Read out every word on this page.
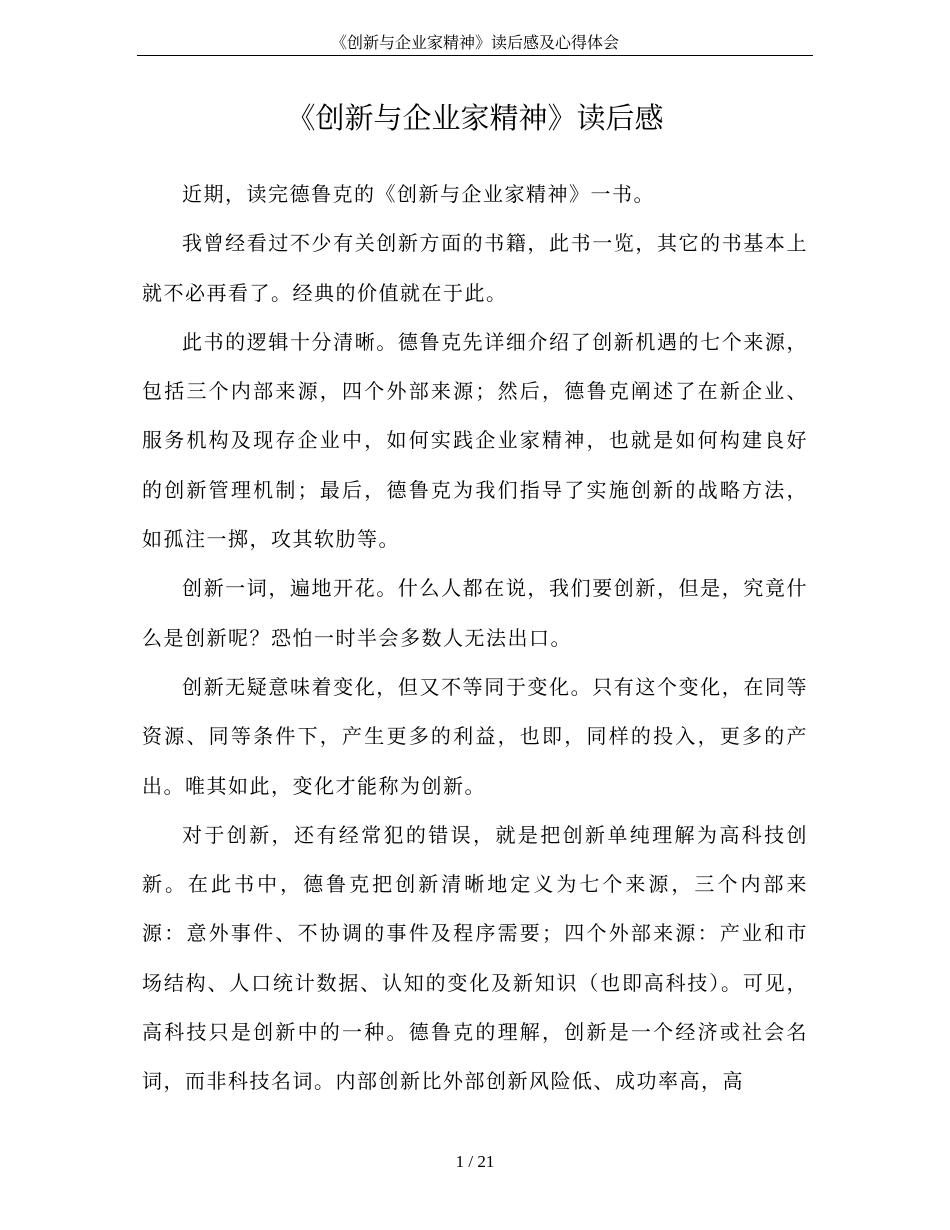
《创新与企业家精神》读后感及心得体会
《创新与企业家精神》读后感

近期，读完德鲁克的《创新与企业家精神》一书。

我曾经看过不少有关创新方面的书籍，此书一览，其它的书基本上就不必再看了。经典的价值就在于此。

此书的逻辑十分清晰。德鲁克先详细介绍了创新机遇的七个来源，包括三个内部来源，四个外部来源；然后，德鲁克阐述了在新企业、服务机构及现存企业中，如何实践企业家精神，也就是如何构建良好的创新管理机制；最后，德鲁克为我们指导了实施创新的战略方法，如孤注一掷，攻其软肋等。

创新一词，遍地开花。什么人都在说，我们要创新，但是，究竟什么是创新呢？恐怕一时半会多数人无法出口。

创新无疑意味着变化，但又不等同于变化。只有这个变化，在同等资源、同等条件下，产生更多的利益，也即，同样的投入，更多的产出。唯其如此，变化才能称为创新。

对于创新，还有经常犯的错误，就是把创新单纯理解为高科技创新。在此书中，德鲁克把创新清晰地定义为七个来源，三个内部来源：意外事件、不协调的事件及程序需要；四个外部来源：产业和市场结构、人口统计数据、认知的变化及新知识（也即高科技）。可见，高科技只是创新中的一种。德鲁克的理解，创新是一个经济或社会名词，而非科技名词。内部创新比外部创新风险低、成功率高，高

1 / 21
